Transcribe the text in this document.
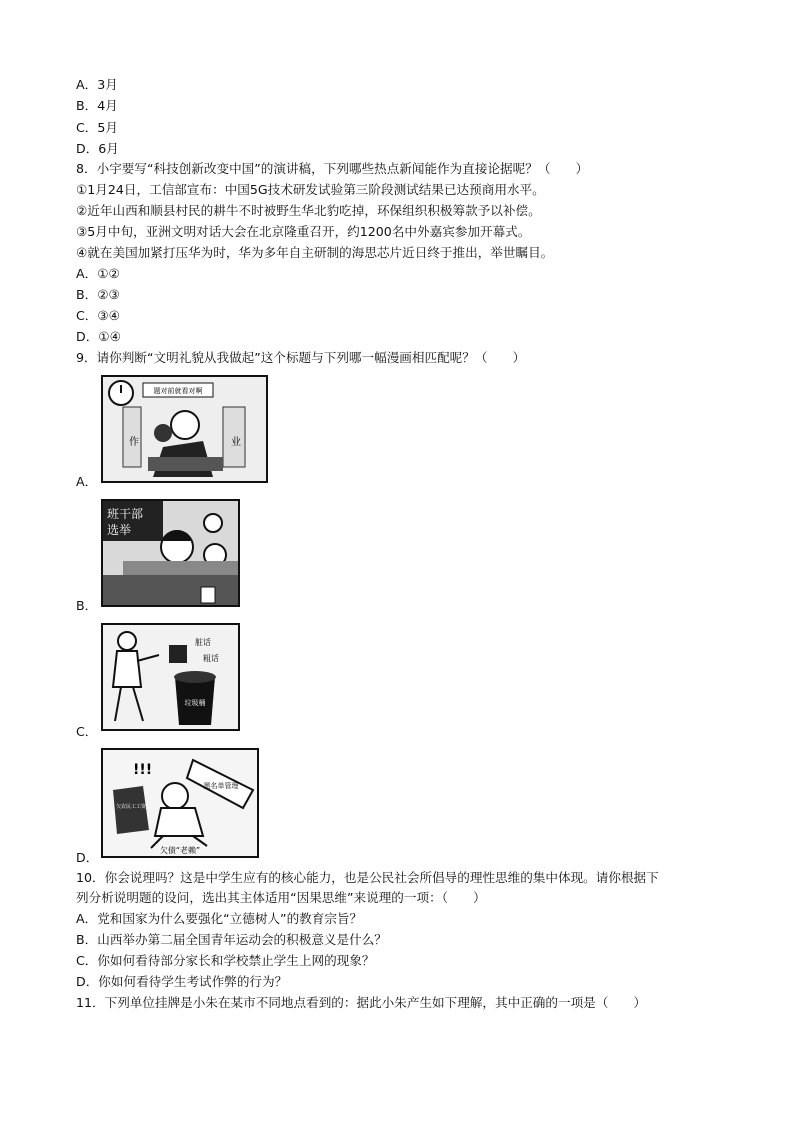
A．3月
B．4月
C．5月
D．6月
8．小宇要写“科技创新改变中国”的演讲稿，下列哪些热点新闻能作为直接论据呢？（　　）
①1月24日，工信部宣布：中国5G技术研发试验第三阶段测试结果已达预商用水平。
②近年山西和顺县村民的耕牛不时被野生华北豹吃掉，环保组织积极筹款予以补偿。
③5月中旬，亚洲文明对话大会在北京隆重召开，约1200名中外嘉宾参加开幕式。
④就在美国加紧打压华为时，华为多年自主研制的海思芯片近日终于推出，举世瞩目。
A．①②
B．②③
C．③④
D．①④
9．请你判断“文明礼貌从我做起”这个标题与下列哪一幅漫画相匹配呢？（　　）
题对前就看对啊
作	业
A．
班干部
选举
B．
脏话
粗话
垃圾桶
C．
!!!
黑名单管理
欠农民工工资
欠债“老赖”
D．
10．你会说理吗？这是中学生应有的核心能力，也是公民社会所倡导的理性思维的集中体现。请你根据下
列分析说明题的设问，选出其主体适用“因果思维”来说理的一项：（　　）
A．党和国家为什么要强化“立德树人”的教育宗旨？
B．山西举办第二届全国青年运动会的积极意义是什么？
C．你如何看待部分家长和学校禁止学生上网的现象？
D．你如何看待学生考试作弊的行为？
11．下列单位挂牌是小朱在某市不同地点看到的：据此小朱产生如下理解，其中正确的一项是（　　）
